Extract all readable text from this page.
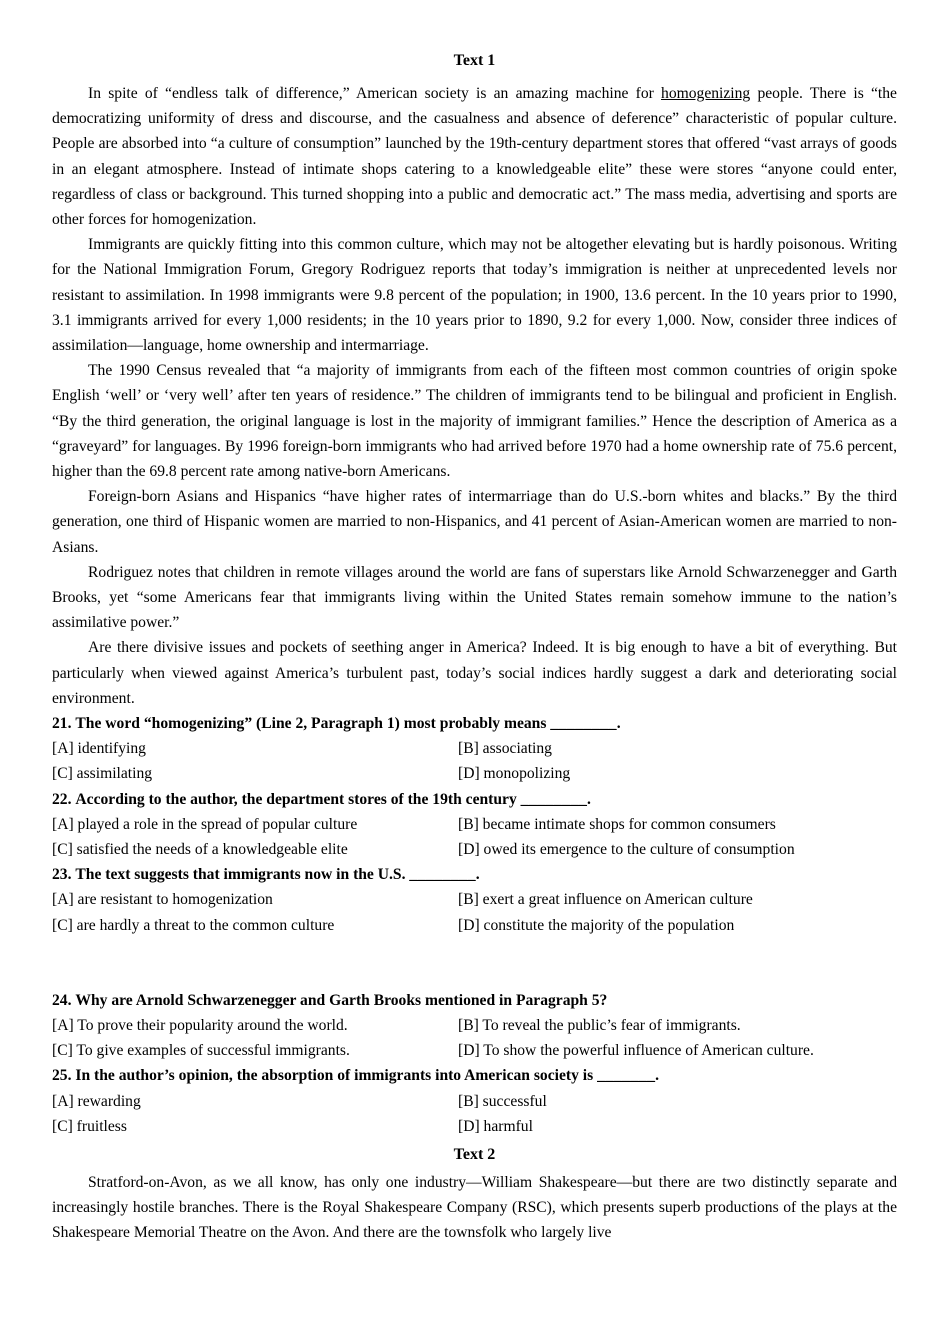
Text 1

In spite of “endless talk of difference,” American society is an amazing machine for homogenizing people. There is “the democratizing uniformity of dress and discourse, and the casualness and absence of deference” characteristic of popular culture. People are absorbed into “a culture of consumption” launched by the 19th-century department stores that offered “vast arrays of goods in an elegant atmosphere. Instead of intimate shops catering to a knowledgeable elite” these were stores “anyone could enter, regardless of class or background. This turned shopping into a public and democratic act.” The mass media, advertising and sports are other forces for homogenization.

Immigrants are quickly fitting into this common culture, which may not be altogether elevating but is hardly poisonous. Writing for the National Immigration Forum, Gregory Rodriguez reports that today’s immigration is neither at unprecedented levels nor resistant to assimilation. In 1998 immigrants were 9.8 percent of the population; in 1900, 13.6 percent. In the 10 years prior to 1990, 3.1 immigrants arrived for every 1,000 residents; in the 10 years prior to 1890, 9.2 for every 1,000. Now, consider three indices of assimilation—language, home ownership and intermarriage.

The 1990 Census revealed that “a majority of immigrants from each of the fifteen most common countries of origin spoke English ‘well’ or ‘very well’ after ten years of residence.” The children of immigrants tend to be bilingual and proficient in English. “By the third generation, the original language is lost in the majority of immigrant families.” Hence the description of America as a “graveyard” for languages. By 1996 foreign-born immigrants who had arrived before 1970 had a home ownership rate of 75.6 percent, higher than the 69.8 percent rate among native-born Americans.

Foreign-born Asians and Hispanics “have higher rates of intermarriage than do U.S.-born whites and blacks.” By the third generation, one third of Hispanic women are married to non-Hispanics, and 41 percent of Asian-American women are married to non-Asians.

Rodriguez notes that children in remote villages around the world are fans of superstars like Arnold Schwarzenegger and Garth Brooks, yet “some Americans fear that immigrants living within the United States remain somehow immune to the nation’s assimilative power.”

Are there divisive issues and pockets of seething anger in America? Indeed. It is big enough to have a bit of everything. But particularly when viewed against America’s turbulent past, today’s social indices hardly suggest a dark and deteriorating social environment.

21. The word “homogenizing” (Line 2, Paragraph 1) most probably means ________.
[A] identifying	[B] associating
[C] assimilating	[D] monopolizing
22. According to the author, the department stores of the 19th century ________.
[A] played a role in the spread of popular culture	[B] became intimate shops for common consumers
[C] satisfied the needs of a knowledgeable elite	[D] owed its emergence to the culture of consumption
23. The text suggests that immigrants now in the U.S. ________.
[A] are resistant to homogenization	[B] exert a great influence on American culture
[C] are hardly a threat to the common culture	[D] constitute the majority of the population
24. Why are Arnold Schwarzenegger and Garth Brooks mentioned in Paragraph 5?
[A] To prove their popularity around the world.	[B] To reveal the public’s fear of immigrants.
[C] To give examples of successful immigrants.	[D] To show the powerful influence of American culture.
25. In the author’s opinion, the absorption of immigrants into American society is _______.
[A] rewarding	[B] successful
[C] fruitless	[D] harmful
Text 2

Stratford-on-Avon, as we all know, has only one industry—William Shakespeare—but there are two distinctly separate and increasingly hostile branches. There is the Royal Shakespeare Company (RSC), which presents superb productions of the plays at the Shakespeare Memorial Theatre on the Avon. And there are the townsfolk who largely live
